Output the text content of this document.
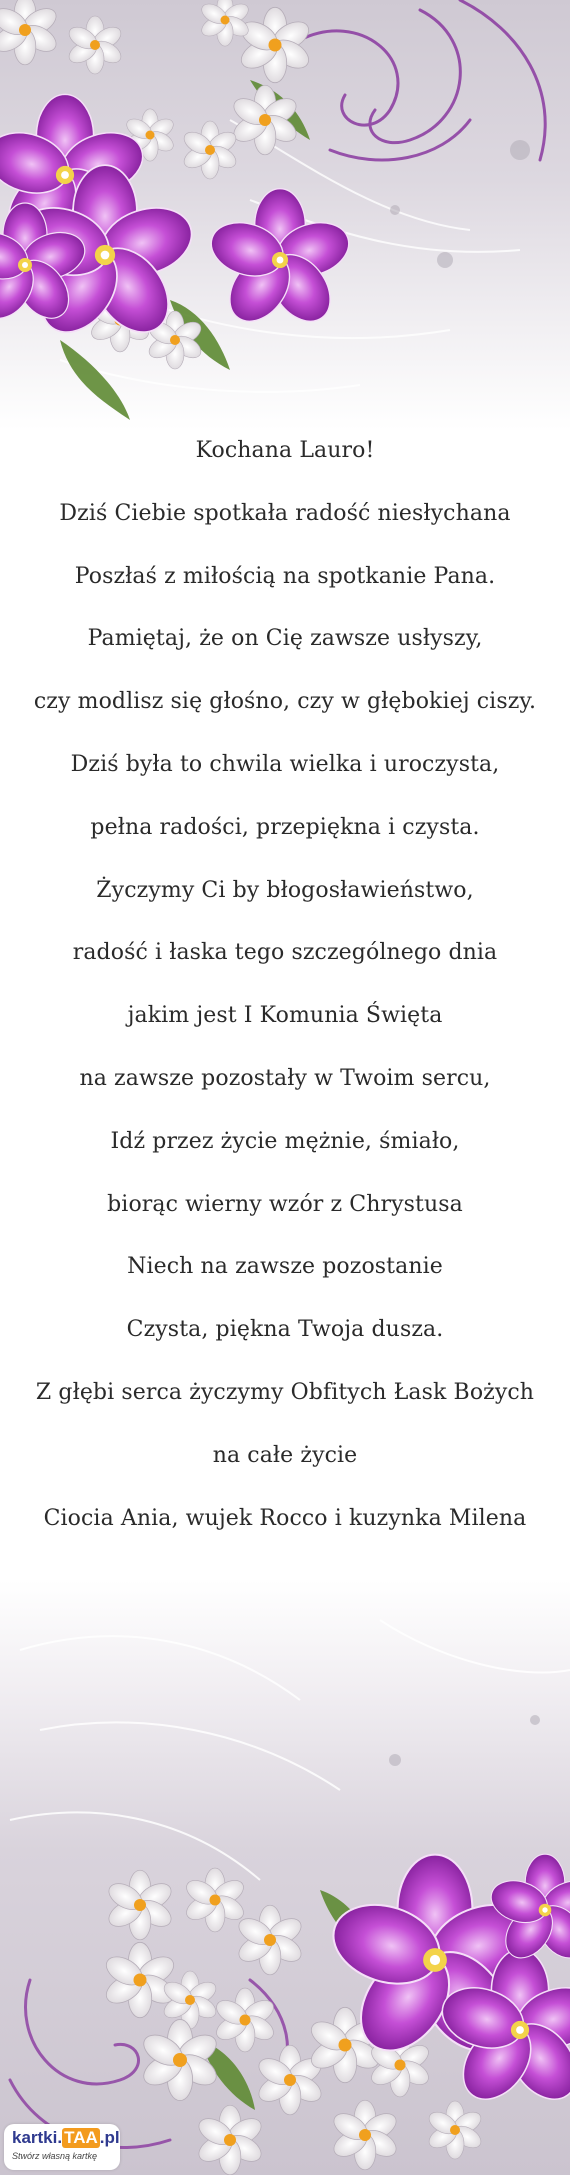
Kochana Lauro!

Dziś Ciebie spotkała radość niesłychana

Poszłaś z miłością na spotkanie Pana.

Pamiętaj, że on Cię zawsze usłyszy,

czy modlisz się głośno, czy w głębokiej ciszy.

Dziś była to chwila wielka i uroczysta,

pełna radości, przepiękna i czysta.

Życzymy Ci by błogosławieństwo,

radość i łaska tego szczególnego dnia

jakim jest I Komunia Święta

na zawsze pozostały w Twoim sercu,

Idź przez życie mężnie, śmiało,

biorąc wierny wzór z Chrystusa

Niech na zawsze pozostanie

Czysta, piękna Twoja dusza.

Z głębi serca życzymy Obfitych Łask Bożych

na całe życie

Ciocia Ania, wujek Rocco i kuzynka Milena

kartki. TAA .pl
Stwórz własną kartkę
